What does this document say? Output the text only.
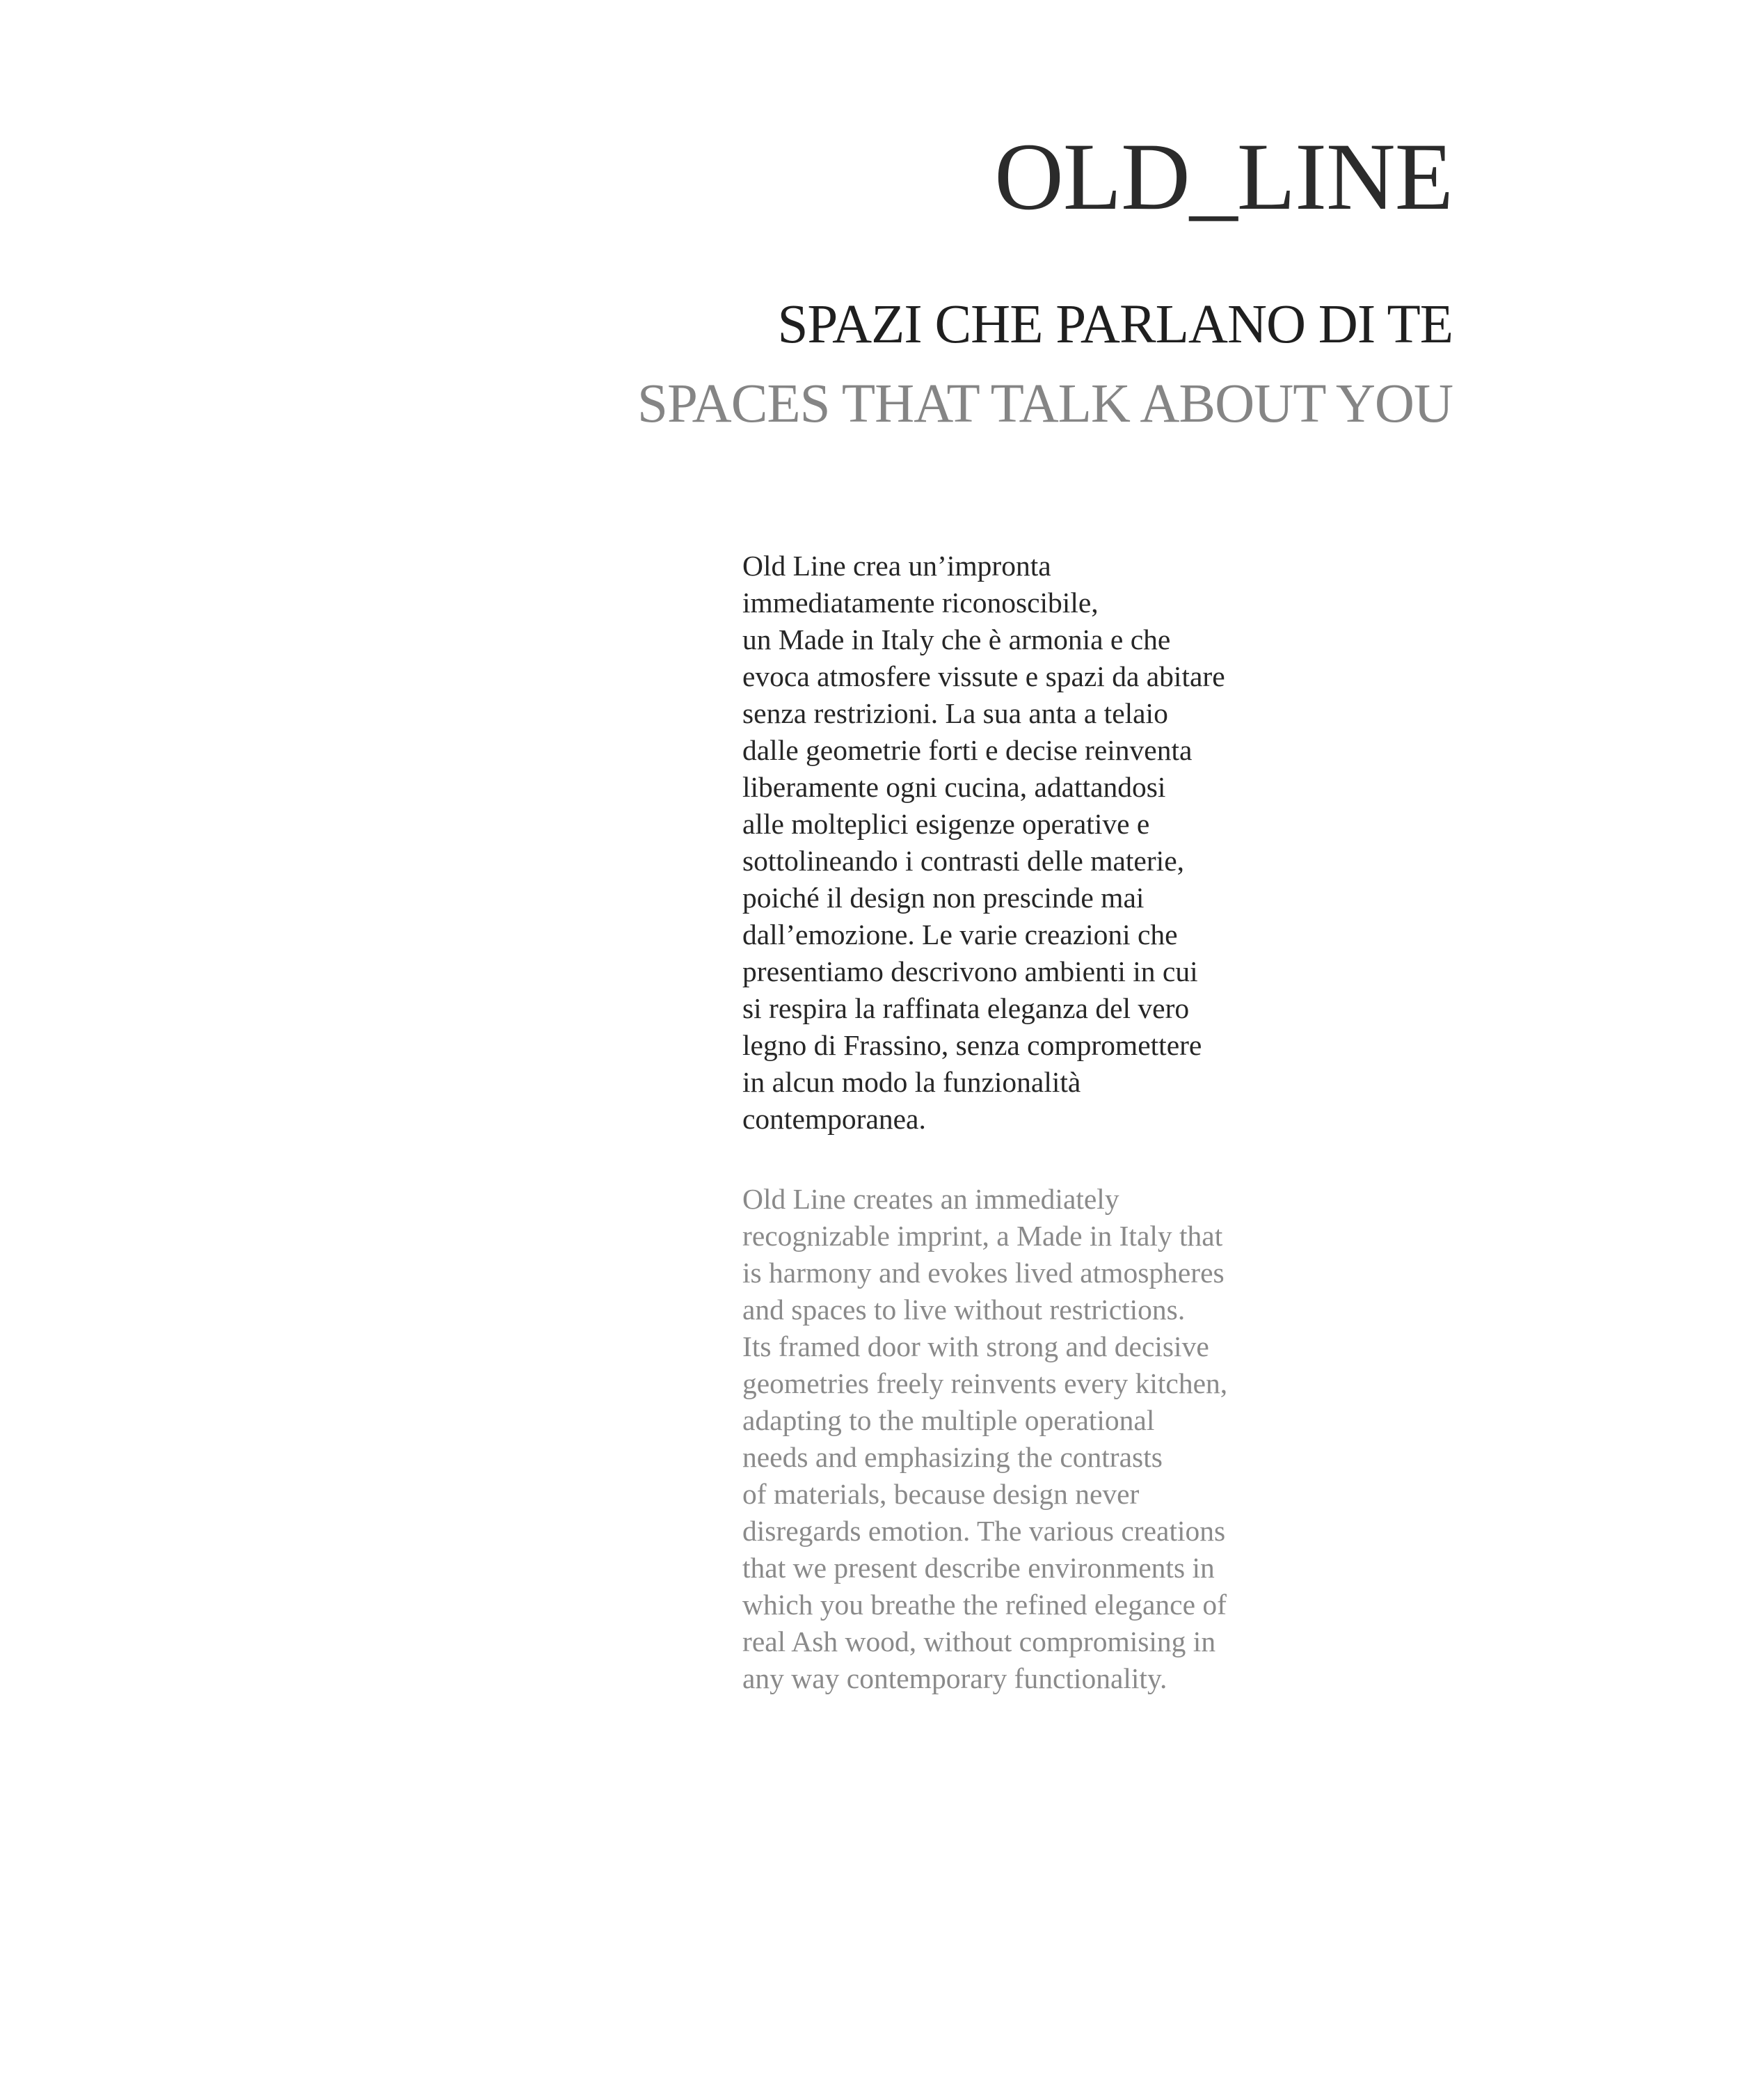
OLD_LINE
SPAZI CHE PARLANO DI TE
SPACES THAT TALK ABOUT YOU

Old Line crea un’impronta
immediatamente riconoscibile,
un Made in Italy che è armonia e che
evoca atmosfere vissute e spazi da abitare
senza restrizioni. La sua anta a telaio
dalle geometrie forti e decise reinventa
liberamente ogni cucina, adattandosi
alle molteplici esigenze operative e
sottolineando i contrasti delle materie,
poiché il design non prescinde mai
dall’emozione. Le varie creazioni che
presentiamo descrivono ambienti in cui
si respira la raffinata eleganza del vero
legno di Frassino, senza compromettere
in alcun modo la funzionalità
contemporanea.

Old Line creates an immediately
recognizable imprint, a Made in Italy that
is harmony and evokes lived atmospheres
and spaces to live without restrictions.
Its framed door with strong and decisive
geometries freely reinvents every kitchen,
adapting to the multiple operational
needs and emphasizing the contrasts
of materials, because design never
disregards emotion. The various creations
that we present describe environments in
which you breathe the refined elegance of
real Ash wood, without compromising in
any way contemporary functionality.
